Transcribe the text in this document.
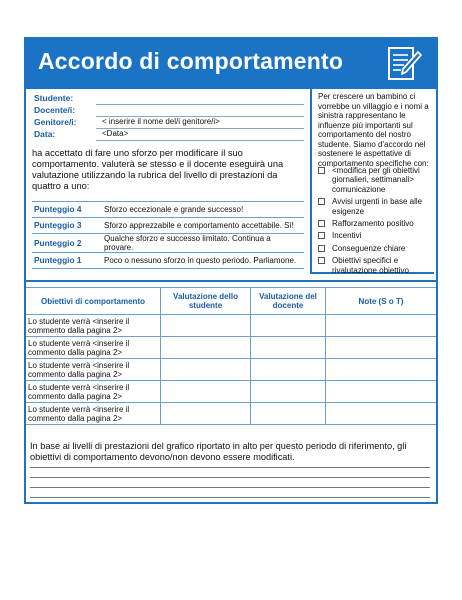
Accordo di comportamento
Studente:
Docente/i:
Genitore/i:	< inserire il nome del/i genitore/i>
Data:	<Data>
ha accettato di fare uno sforzo per modificare il suo comportamento. valuterà se stesso e il docente eseguirà una valutazione utilizzando la rubrica del livello di prestazioni da quattro a uno:
Punteggio 4	Sforzo eccezionale e grande successo!
Punteggio 3	Sforzo apprezzabile e comportamento accettabile. Sì!
Punteggio 2	Qualche sforzo e successo limitato. Continua a provare.
Punteggio 1	Poco o nessuno sforzo in questo periodo. Parliamone.
Per crescere un bambino ci vorrebbe un villaggio e i nomi a sinistra rappresentano le influenze più importanti sul comportamento del nostro studente. Siamo d'accordo nel sostenere le aspettative di comportamento specifiche con:
<modifica per gli obiettivi giornalieri, settimanali> comunicazione
Avvisi urgenti in base alle esigenze
Rafforzamento positivo
Incentivi
Conseguenze chiare
Obiettivi specifici e rivalutazione obiettivo
Obiettivi di comportamento	Valutazione dello studente	Valutazione del docente	Note (S o T)
Lo studente verrà <inserire il commento dalla pagina 2>			
Lo studente verrà <inserire il commento dalla pagina 2>			
Lo studente verrà <inserire il commento dalla pagina 2>			
Lo studente verrà <inserire il commento dalla pagina 2>			
Lo studente verrà <inserire il commento dalla pagina 2>			
In base ai livelli di prestazioni del grafico riportato in alto per questo periodo di riferimento, gli obiettivi di comportamento devono/non devono essere modificati.
